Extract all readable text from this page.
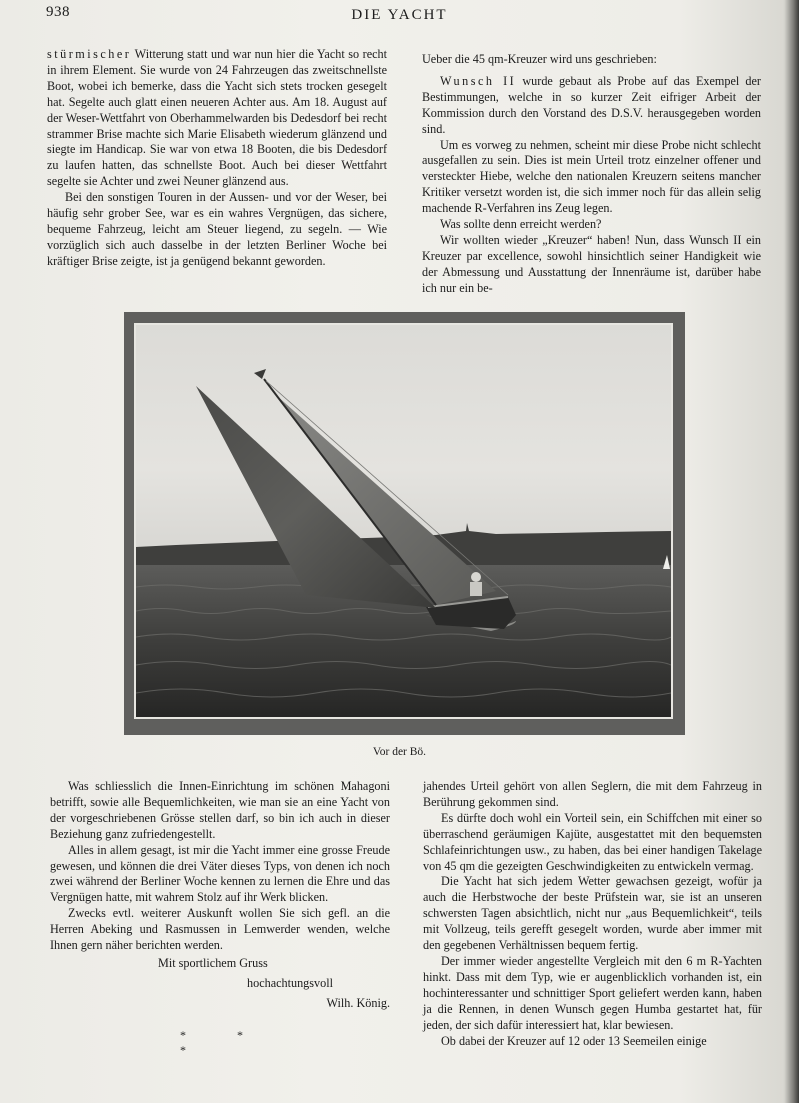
938	DIE YACHT

stürmischer Witterung statt und war nun hier die Yacht so recht in ihrem Element. Sie wurde von 24 Fahrzeugen das zweitschnellste Boot, wobei ich bemerke, dass die Yacht sich stets trocken gesegelt hat. Segelte auch glatt einen neueren Achter aus. Am 18. August auf der Weser-Wettfahrt von Oberhammelwarden bis Dedesdorf bei recht strammer Brise machte sich Marie Elisabeth wiederum glänzend und siegte im Handicap. Sie war von etwa 18 Booten, die bis Dedesdorf zu laufen hatten, das schnellste Boot. Auch bei dieser Wettfahrt segelte sie Achter und zwei Neuner glänzend aus.

Bei den sonstigen Touren in der Aussen- und vor der Weser, bei häufig sehr grober See, war es ein wahres Vergnügen, das sichere, bequeme Fahrzeug, leicht am Steuer liegend, zu segeln. — Wie vorzüglich sich auch dasselbe in der letzten Berliner Woche bei kräftiger Brise zeigte, ist ja genügend bekannt geworden.

Ueber die 45 qm-Kreuzer wird uns geschrieben:

Wunsch II wurde gebaut als Probe auf das Exempel der Bestimmungen, welche in so kurzer Zeit eifriger Arbeit der Kommission durch den Vorstand des D.S.V. herausgegeben worden sind.

Um es vorweg zu nehmen, scheint mir diese Probe nicht schlecht ausgefallen zu sein. Dies ist mein Urteil trotz einzelner offener und versteckter Hiebe, welche den nationalen Kreuzern seitens mancher Kritiker versetzt worden ist, die sich immer noch für das allein selig machende R-Verfahren ins Zeug legen.

Was sollte denn erreicht werden?

Wir wollten wieder „Kreuzer“ haben! Nun, dass Wunsch II ein Kreuzer par excellence, sowohl hinsichtlich seiner Handigkeit wie der Abmessung und Ausstattung der Innenräume ist, darüber habe ich nur ein be-

Vor der Bö.

Was schliesslich die Innen-Einrichtung im schönen Mahagoni betrifft, sowie alle Bequemlichkeiten, wie man sie an eine Yacht von der vorgeschriebenen Grösse stellen darf, so bin ich auch in dieser Beziehung ganz zufriedengestellt.

Alles in allem gesagt, ist mir die Yacht immer eine grosse Freude gewesen, und können die drei Väter dieses Typs, von denen ich noch zwei während der Berliner Woche kennen zu lernen die Ehre und das Vergnügen hatte, mit wahrem Stolz auf ihr Werk blicken.

Zwecks evtl. weiterer Auskunft wollen Sie sich gefl. an die Herren Abeking und Rasmussen in Lemwerder wenden, welche Ihnen gern näher berichten werden.

Mit sportlichem Gruss

hochachtungsvoll

Wilh. König.

* * *

jahendes Urteil gehört von allen Seglern, die mit dem Fahrzeug in Berührung gekommen sind.

Es dürfte doch wohl ein Vorteil sein, ein Schiffchen mit einer so überraschend geräumigen Kajüte, ausgestattet mit den bequemsten Schlafeinrichtungen usw., zu haben, das bei einer handigen Takelage von 45 qm die gezeigten Geschwindigkeiten zu entwickeln vermag.

Die Yacht hat sich jedem Wetter gewachsen gezeigt, wofür ja auch die Herbstwoche der beste Prüfstein war, sie ist an unseren schwersten Tagen absichtlich, nicht nur „aus Bequemlichkeit“, teils mit Vollzeug, teils gerefft gesegelt worden, wurde aber immer mit den gegebenen Verhältnissen bequem fertig.

Der immer wieder angestellte Vergleich mit den 6 m R-Yachten hinkt. Dass mit dem Typ, wie er augenblicklich vorhanden ist, ein hochinteressanter und schnittiger Sport geliefert werden kann, haben ja die Rennen, in denen Wunsch gegen Humba gestartet hat, für jeden, der sich dafür interessiert hat, klar bewiesen.

Ob dabei der Kreuzer auf 12 oder 13 Seemeilen einige
